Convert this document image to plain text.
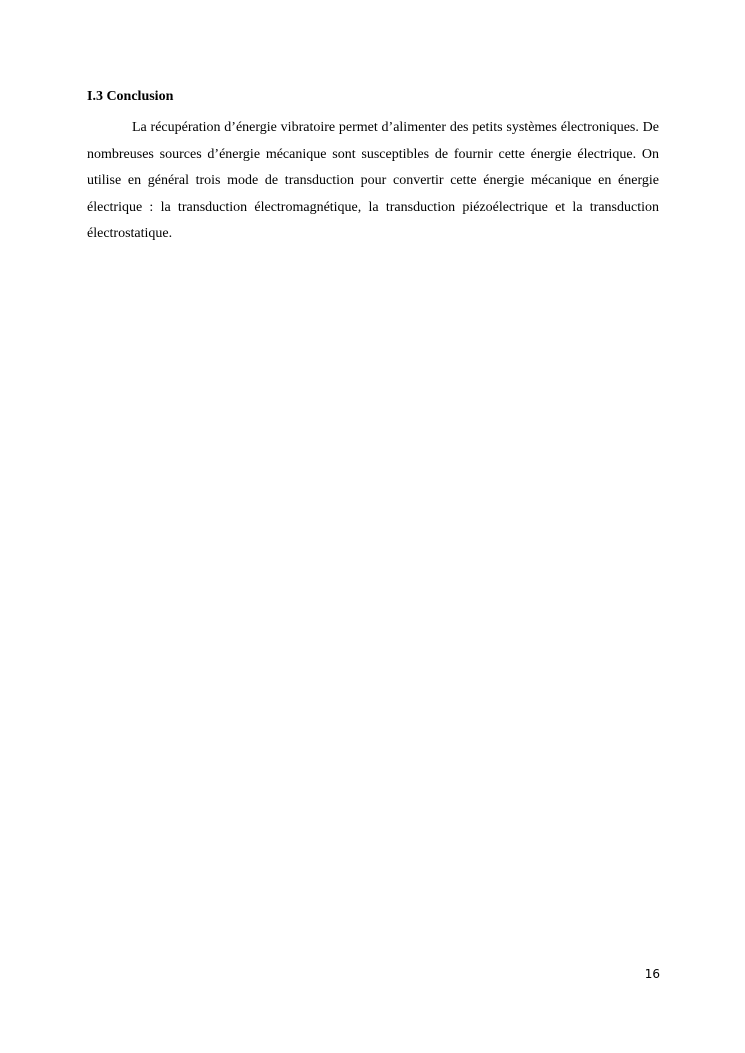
I.3 Conclusion

La récupération d’énergie vibratoire permet d’alimenter des petits systèmes électroniques. De nombreuses sources d’énergie mécanique sont susceptibles de fournir cette énergie électrique. On utilise en général trois mode de transduction pour convertir cette énergie mécanique en énergie électrique : la transduction électromagnétique, la transduction piézoélectrique et la transduction électrostatique.

16
